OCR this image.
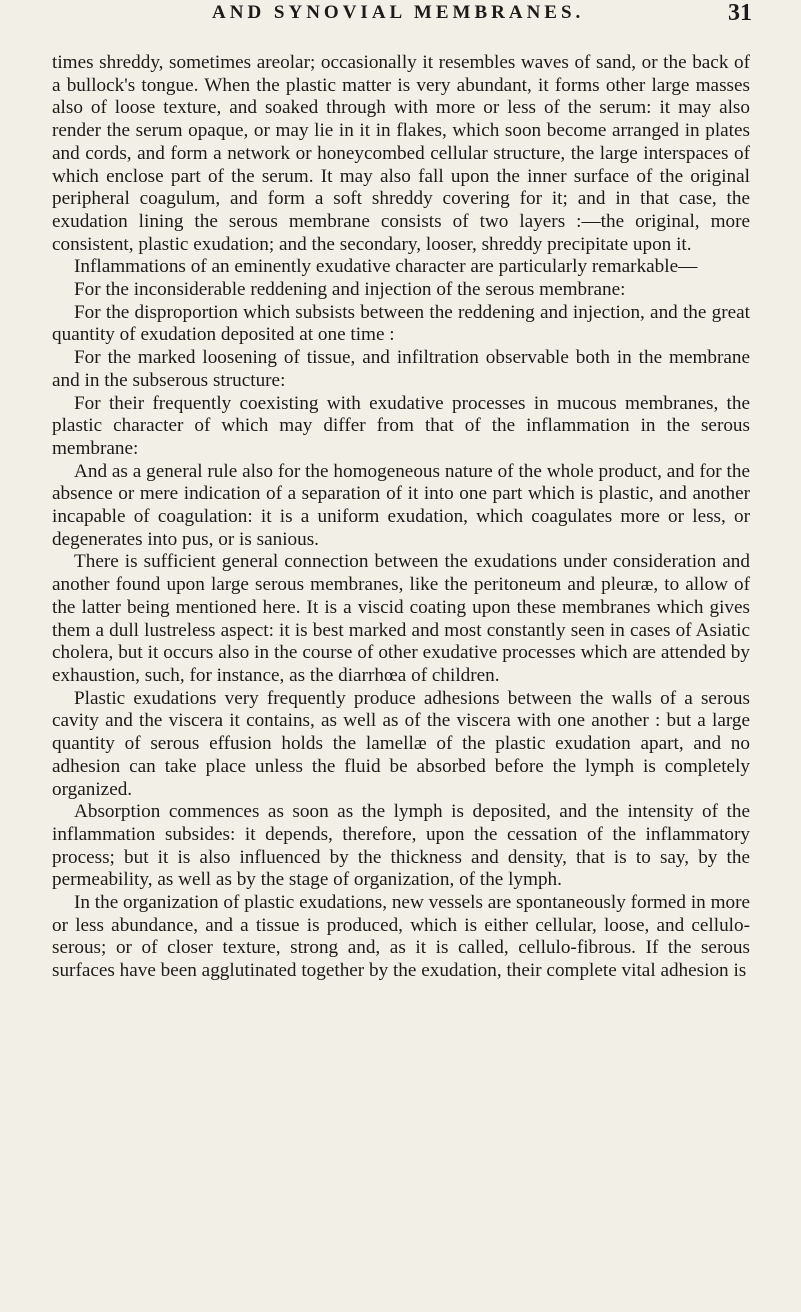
AND SYNOVIAL MEMBRANES.	31

times shreddy, sometimes areolar; occasionally it resembles waves of sand, or the back of a bullock's tongue. When the plastic matter is very abundant, it forms other large masses also of loose texture, and soaked through with more or less of the serum: it may also render the serum opaque, or may lie in it in flakes, which soon become arranged in plates and cords, and form a network or honeycombed cellular structure, the large interspaces of which enclose part of the serum. It may also fall upon the inner surface of the original peripheral coagulum, and form a soft shreddy covering for it; and in that case, the exudation lining the serous membrane consists of two layers :—the original, more consistent, plastic exudation; and the secondary, looser, shreddy precipitate upon it.

Inflammations of an eminently exudative character are particularly remarkable—

For the inconsiderable reddening and injection of the serous membrane:

For the disproportion which subsists between the reddening and injection, and the great quantity of exudation deposited at one time :

For the marked loosening of tissue, and infiltration observable both in the membrane and in the subserous structure:

For their frequently coexisting with exudative processes in mucous membranes, the plastic character of which may differ from that of the inflammation in the serous membrane:

And as a general rule also for the homogeneous nature of the whole product, and for the absence or mere indication of a separation of it into one part which is plastic, and another incapable of coagulation: it is a uniform exudation, which coagulates more or less, or degenerates into pus, or is sanious.

There is sufficient general connection between the exudations under consideration and another found upon large serous membranes, like the peritoneum and pleuræ, to allow of the latter being mentioned here. It is a viscid coating upon these membranes which gives them a dull lustreless aspect: it is best marked and most constantly seen in cases of Asiatic cholera, but it occurs also in the course of other exudative processes which are attended by exhaustion, such, for instance, as the diarrhœa of children.

Plastic exudations very frequently produce adhesions between the walls of a serous cavity and the viscera it contains, as well as of the viscera with one another : but a large quantity of serous effusion holds the lamellæ of the plastic exudation apart, and no adhesion can take place unless the fluid be absorbed before the lymph is completely organized.

Absorption commences as soon as the lymph is deposited, and the intensity of the inflammation subsides: it depends, therefore, upon the cessation of the inflammatory process; but it is also influenced by the thickness and density, that is to say, by the permeability, as well as by the stage of organization, of the lymph.

In the organization of plastic exudations, new vessels are spontaneously formed in more or less abundance, and a tissue is produced, which is either cellular, loose, and cellulo-serous; or of closer texture, strong and, as it is called, cellulo-fibrous. If the serous surfaces have been agglutinated together by the exudation, their complete vital adhesion is
